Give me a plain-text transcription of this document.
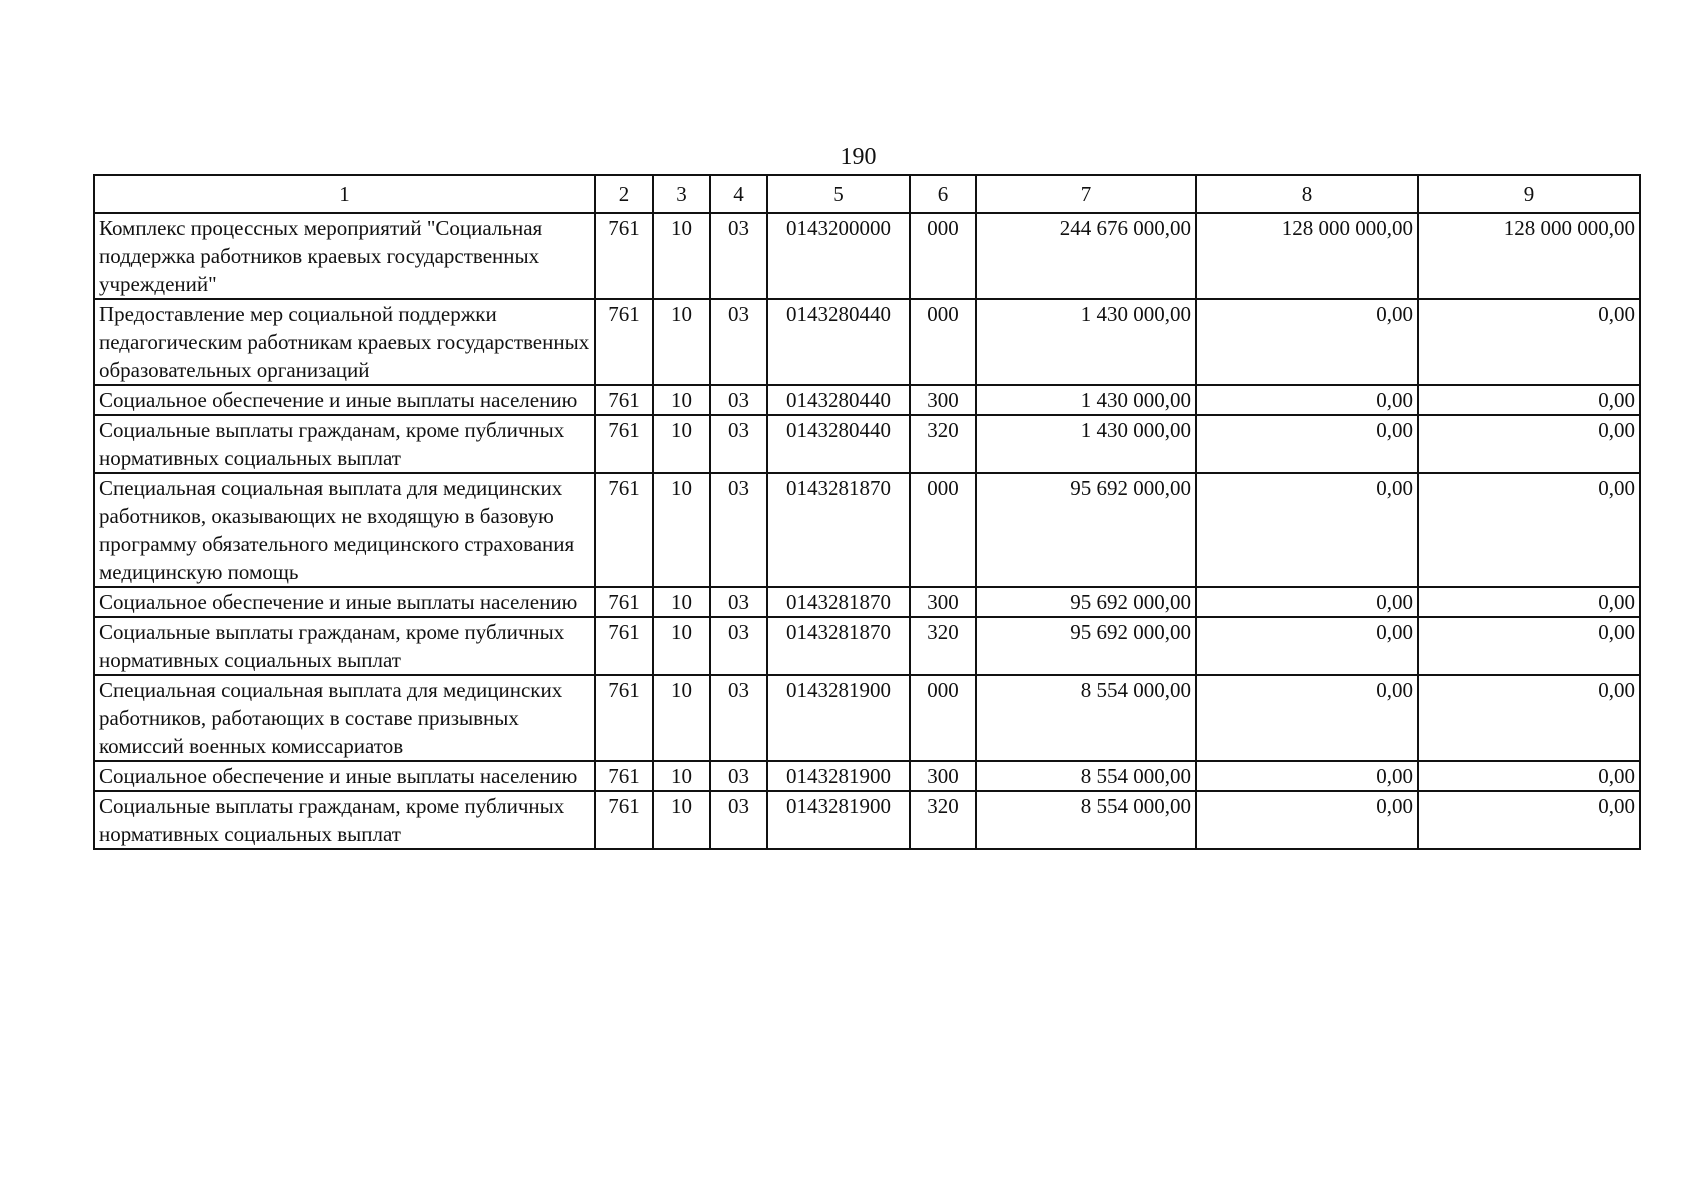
190
1	2	3	4	5	6	7	8	9
Комплекс процессных мероприятий "Социальная поддержка работников краевых государственных учреждений"	761	10	03	0143200000	000	244 676 000,00	128 000 000,00	128 000 000,00
Предоставление мер социальной поддержки педагогическим работникам краевых государственных образовательных организаций	761	10	03	0143280440	000	1 430 000,00	0,00	0,00
Социальное обеспечение и иные выплаты населению	761	10	03	0143280440	300	1 430 000,00	0,00	0,00
Социальные выплаты гражданам, кроме публичных нормативных социальных выплат	761	10	03	0143280440	320	1 430 000,00	0,00	0,00
Специальная социальная выплата для медицинских работников, оказывающих не входящую в базовую программу обязательного медицинского страхования медицинскую помощь	761	10	03	0143281870	000	95 692 000,00	0,00	0,00
Социальное обеспечение и иные выплаты населению	761	10	03	0143281870	300	95 692 000,00	0,00	0,00
Социальные выплаты гражданам, кроме публичных нормативных социальных выплат	761	10	03	0143281870	320	95 692 000,00	0,00	0,00
Специальная социальная выплата для медицинских работников, работающих в составе призывных комиссий военных комиссариатов	761	10	03	0143281900	000	8 554 000,00	0,00	0,00
Социальное обеспечение и иные выплаты населению	761	10	03	0143281900	300	8 554 000,00	0,00	0,00
Социальные выплаты гражданам, кроме публичных нормативных социальных выплат	761	10	03	0143281900	320	8 554 000,00	0,00	0,00
